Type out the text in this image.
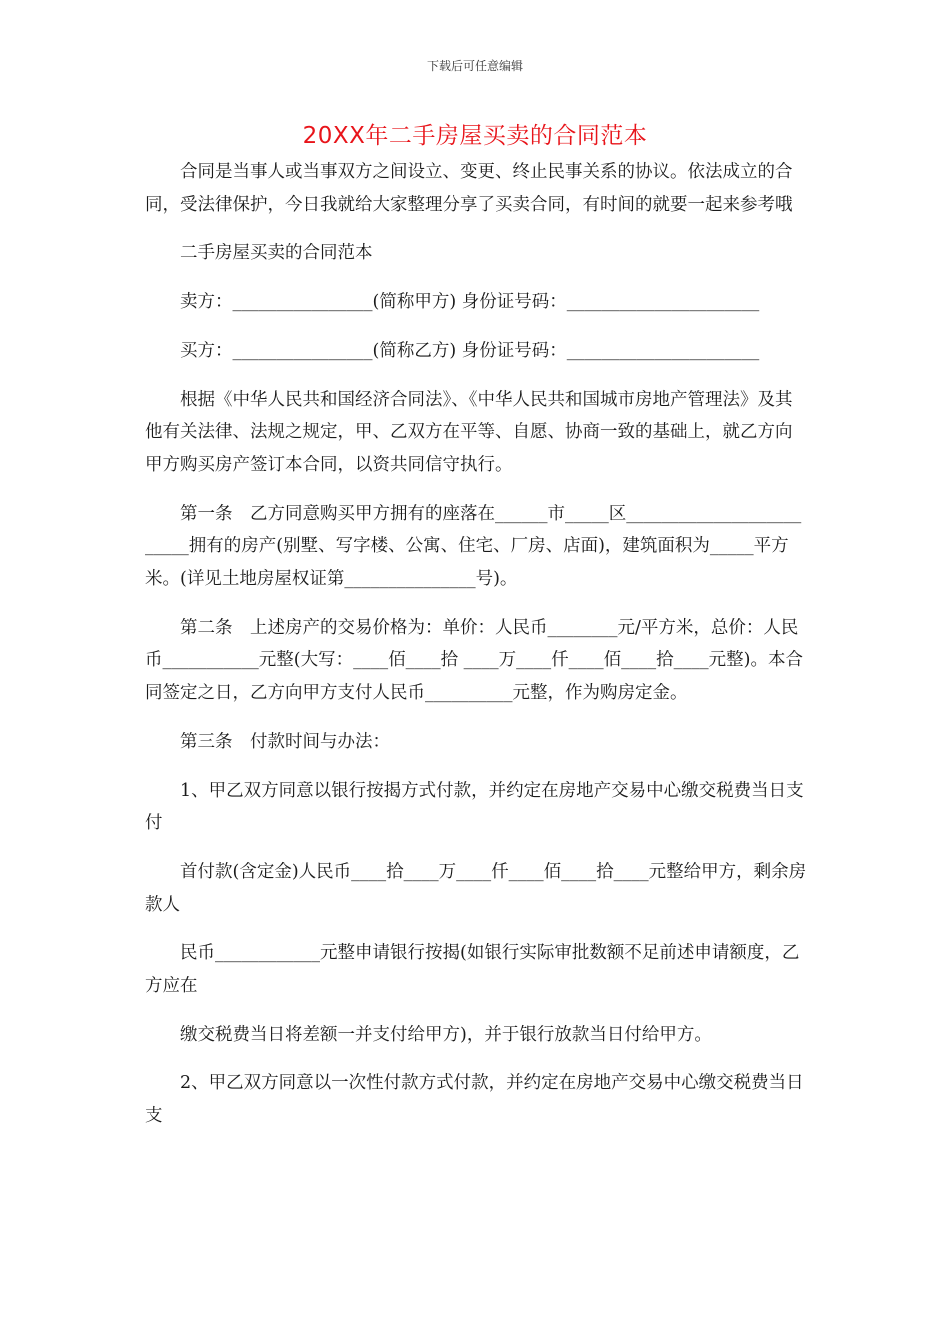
下载后可任意编辑
20XX年二手房屋买卖的合同范本

合同是当事人或当事双方之间设立、变更、终止民事关系的协议。依法成立的合同，受法律保护，今日我就给大家整理分享了买卖合同，有时间的就要一起来参考哦

二手房屋买卖的合同范本

卖方：________________(简称甲方) 身份证号码：______________________

买方：________________(简称乙方) 身份证号码：______________________

根据《中华人民共和国经济合同法》、《中华人民共和国城市房地产管理法》及其他有关法律、法规之规定，甲、乙双方在平等、自愿、协商一致的基础上，就乙方向甲方购买房产签订本合同，以资共同信守执行。

第一条　乙方同意购买甲方拥有的座落在______市_____区_________________________拥有的房产(别墅、写字楼、公寓、住宅、厂房、店面)，建筑面积为_____平方米。(详见土地房屋权证第_______________号)。

第二条　上述房产的交易价格为：单价：人民币________元/平方米，总价：人民币___________元整(大写：____佰____拾 ____万____仟____佰____拾____元整)。本合同签定之日，乙方向甲方支付人民币__________元整，作为购房定金。

第三条　付款时间与办法：

1、甲乙双方同意以银行按揭方式付款，并约定在房地产交易中心缴交税费当日支付

首付款(含定金)人民币____拾____万____仟____佰____拾____元整给甲方，剩余房款人

民币____________元整申请银行按揭(如银行实际审批数额不足前述申请额度，乙方应在

缴交税费当日将差额一并支付给甲方)，并于银行放款当日付给甲方。

2、甲乙双方同意以一次性付款方式付款，并约定在房地产交易中心缴交税费当日支
